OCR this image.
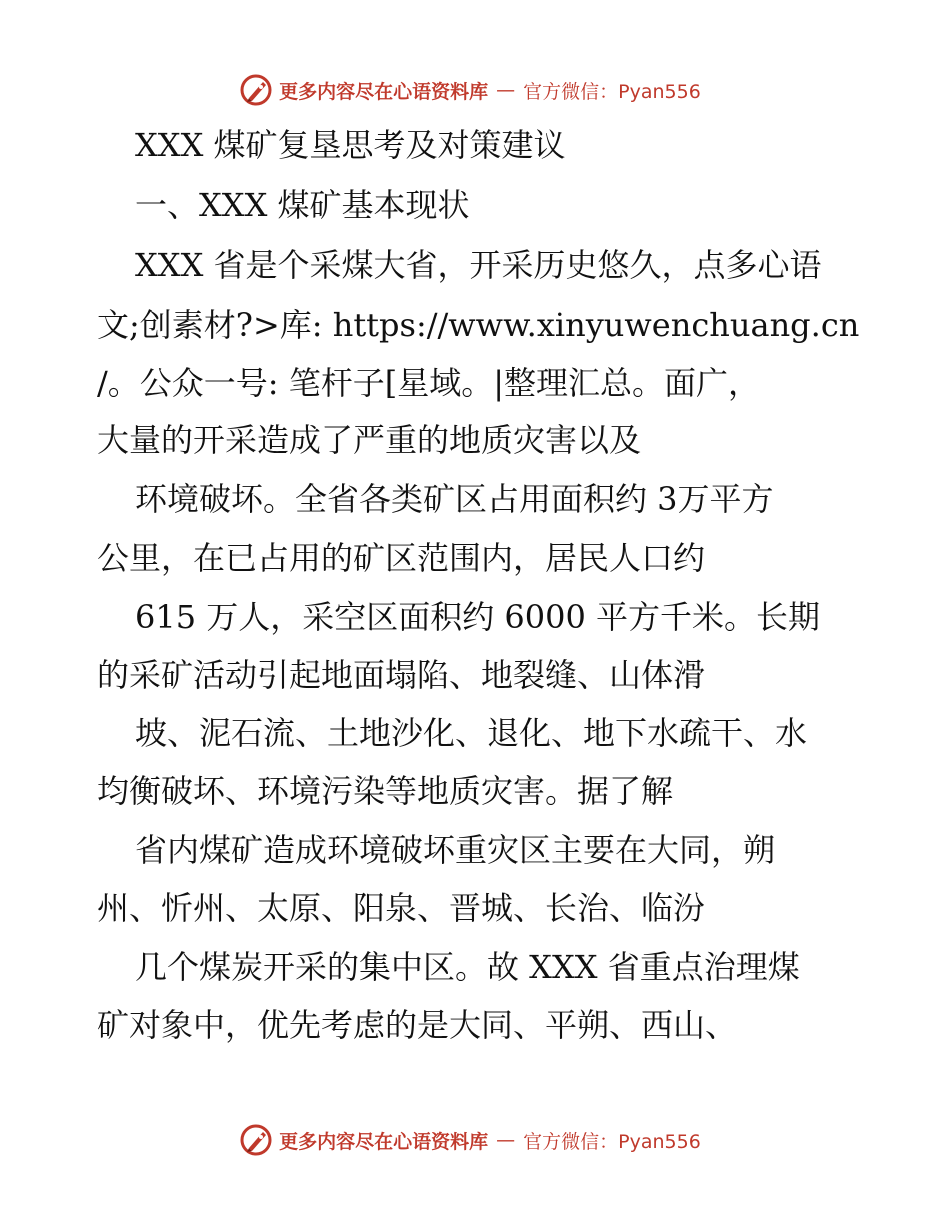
更多内容尽在心语资料库 — 官方微信：Pyan556
XXX 煤矿复垦思考及对策建议
一、XXX 煤矿基本现状
XXX 省是个采煤大省，开采历史悠久，点多心语
文;创素材?>库: https://www.xinyuwenchuang.cn
/。公众一号: 笔杆子[星域。|整理汇总。面广，
大量的开采造成了严重的地质灾害以及
环境破坏。全省各类矿区占用面积约 3万平方
公里，在已占用的矿区范围内，居民人口约
615 万人，采空区面积约 6000 平方千米。长期
的采矿活动引起地面塌陷、地裂缝、山体滑
坡、泥石流、土地沙化、退化、地下水疏干、水
均衡破坏、环境污染等地质灾害。据了解
省内煤矿造成环境破坏重灾区主要在大同，朔
州、忻州、太原、阳泉、晋城、长治、临汾
几个煤炭开采的集中区。故 XXX 省重点治理煤
矿对象中，优先考虑的是大同、平朔、西山、
更多内容尽在心语资料库 — 官方微信：Pyan556
